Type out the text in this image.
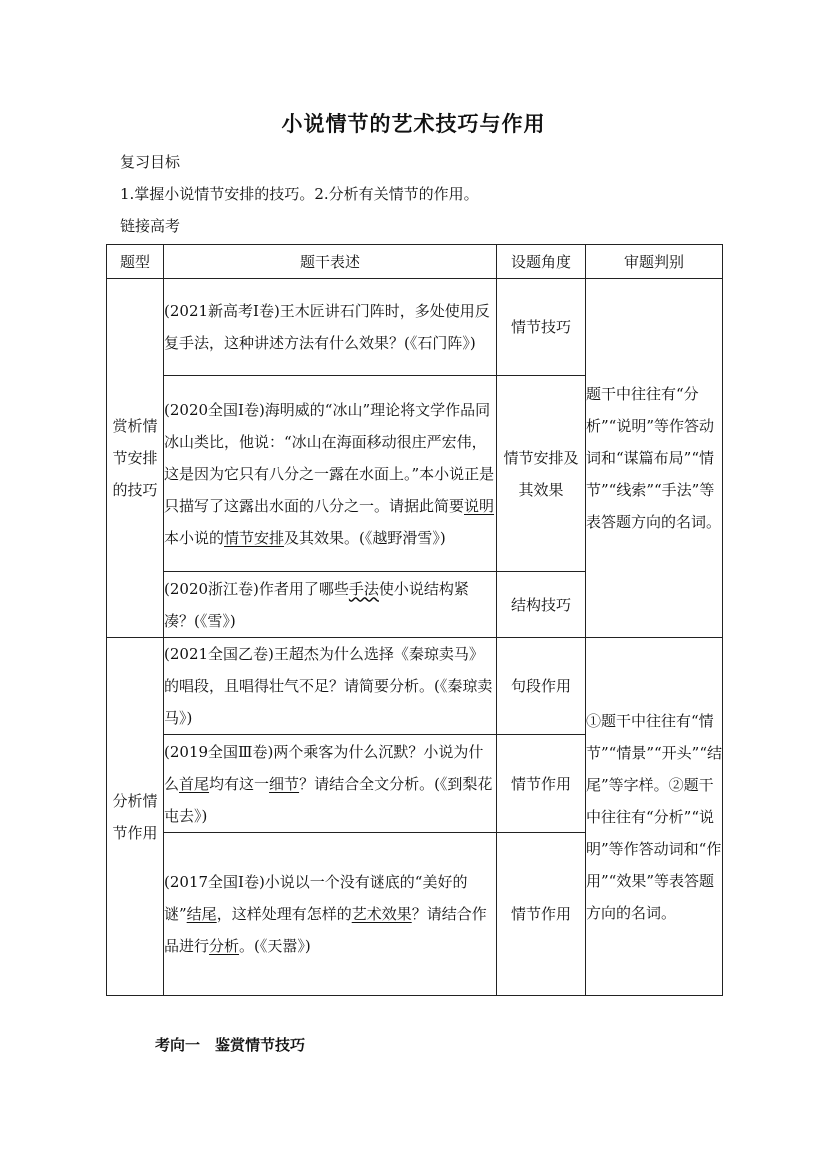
小说情节的艺术技巧与作用
复习目标
1.掌握小说情节安排的技巧。2.分析有关情节的作用。
链接高考
题型	题干表述	设题角度	审题判别
赏析情节安排的技巧	(2021新高考Ⅰ卷)王木匠讲石门阵时，多处使用反复手法，这种讲述方法有什么效果？(《石门阵》)	情节技巧	题干中往往有“分析”“说明”等作答动词和“谋篇布局”“情节”“线索”“手法”等表答题方向的名词。
	(2020全国Ⅰ卷)海明威的“冰山”理论将文学作品同冰山类比，他说：“冰山在海面移动很庄严宏伟，这是因为它只有八分之一露在水面上。”本小说正是只描写了这露出水面的八分之一。请据此简要说明本小说的情节安排及其效果。(《越野滑雪》)	情节安排及其效果	
	(2020浙江卷)作者用了哪些手法使小说结构紧凑？(《雪》)	结构技巧	
分析情节作用	(2021全国乙卷)王超杰为什么选择《秦琼卖马》的唱段，且唱得壮气不足？请简要分析。(《秦琼卖马》)	句段作用	①题干中往往有“情节”“情景”“开头”“结尾”等字样。②题干中往往有“分析”“说明”等作答动词和“作用”“效果”等表答题方向的名词。
	(2019全国Ⅲ卷)两个乘客为什么沉默？小说为什么首尾均有这一细节？请结合全文分析。(《到梨花屯去》)	情节作用	
	(2017全国Ⅰ卷)小说以一个没有谜底的“美好的谜”结尾，这样处理有怎样的艺术效果？请结合作品进行分析。(《天嚣》)	情节作用	
考向一　鉴赏情节技巧
